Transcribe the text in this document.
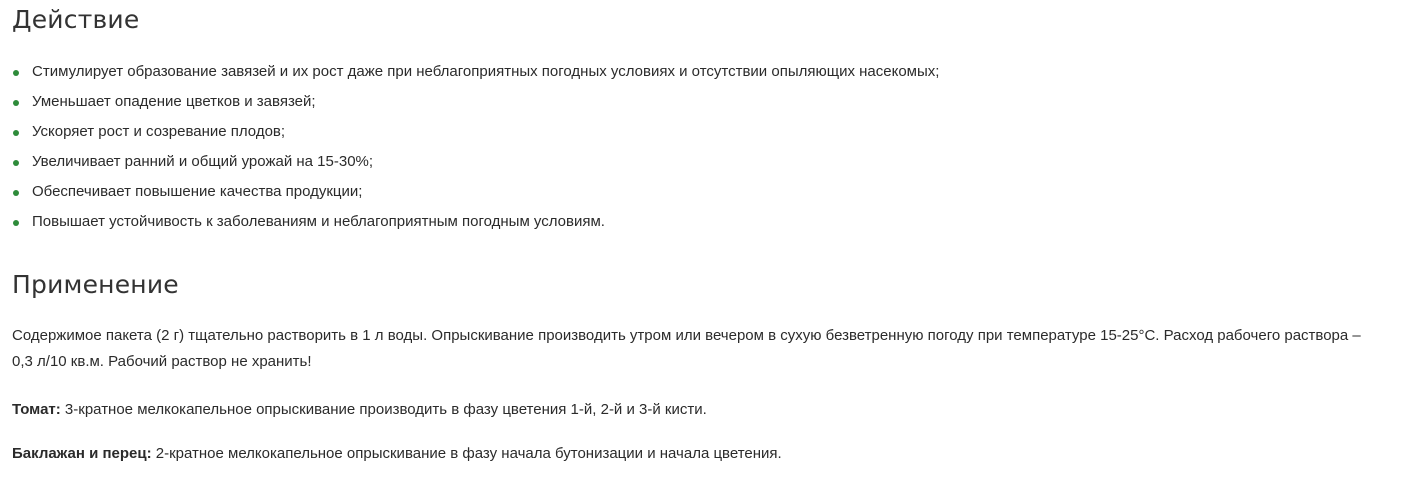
Действие
Стимулирует образование завязей и их рост даже при неблагоприятных погодных условиях и отсутствии опыляющих насекомых;
Уменьшает опадение цветков и завязей;
Ускоряет рост и созревание плодов;
Увеличивает ранний и общий урожай на 15-30%;
Обеспечивает повышение качества продукции;
Повышает устойчивость к заболеваниям и неблагоприятным погодным условиям.
Применение

Содержимое пакета (2 г) тщательно растворить в 1 л воды. Опрыскивание производить утром или вечером в сухую безветренную погоду при температуре 15-25°С. Расход рабочего раствора – 0,3 л/10 кв.м. Рабочий раствор не хранить!

Томат: 3-кратное мелкокапельное опрыскивание производить в фазу цветения 1-й, 2-й и 3-й кисти.

Баклажан и перец: 2-кратное мелкокапельное опрыскивание в фазу начала бутонизации и начала цветения.
